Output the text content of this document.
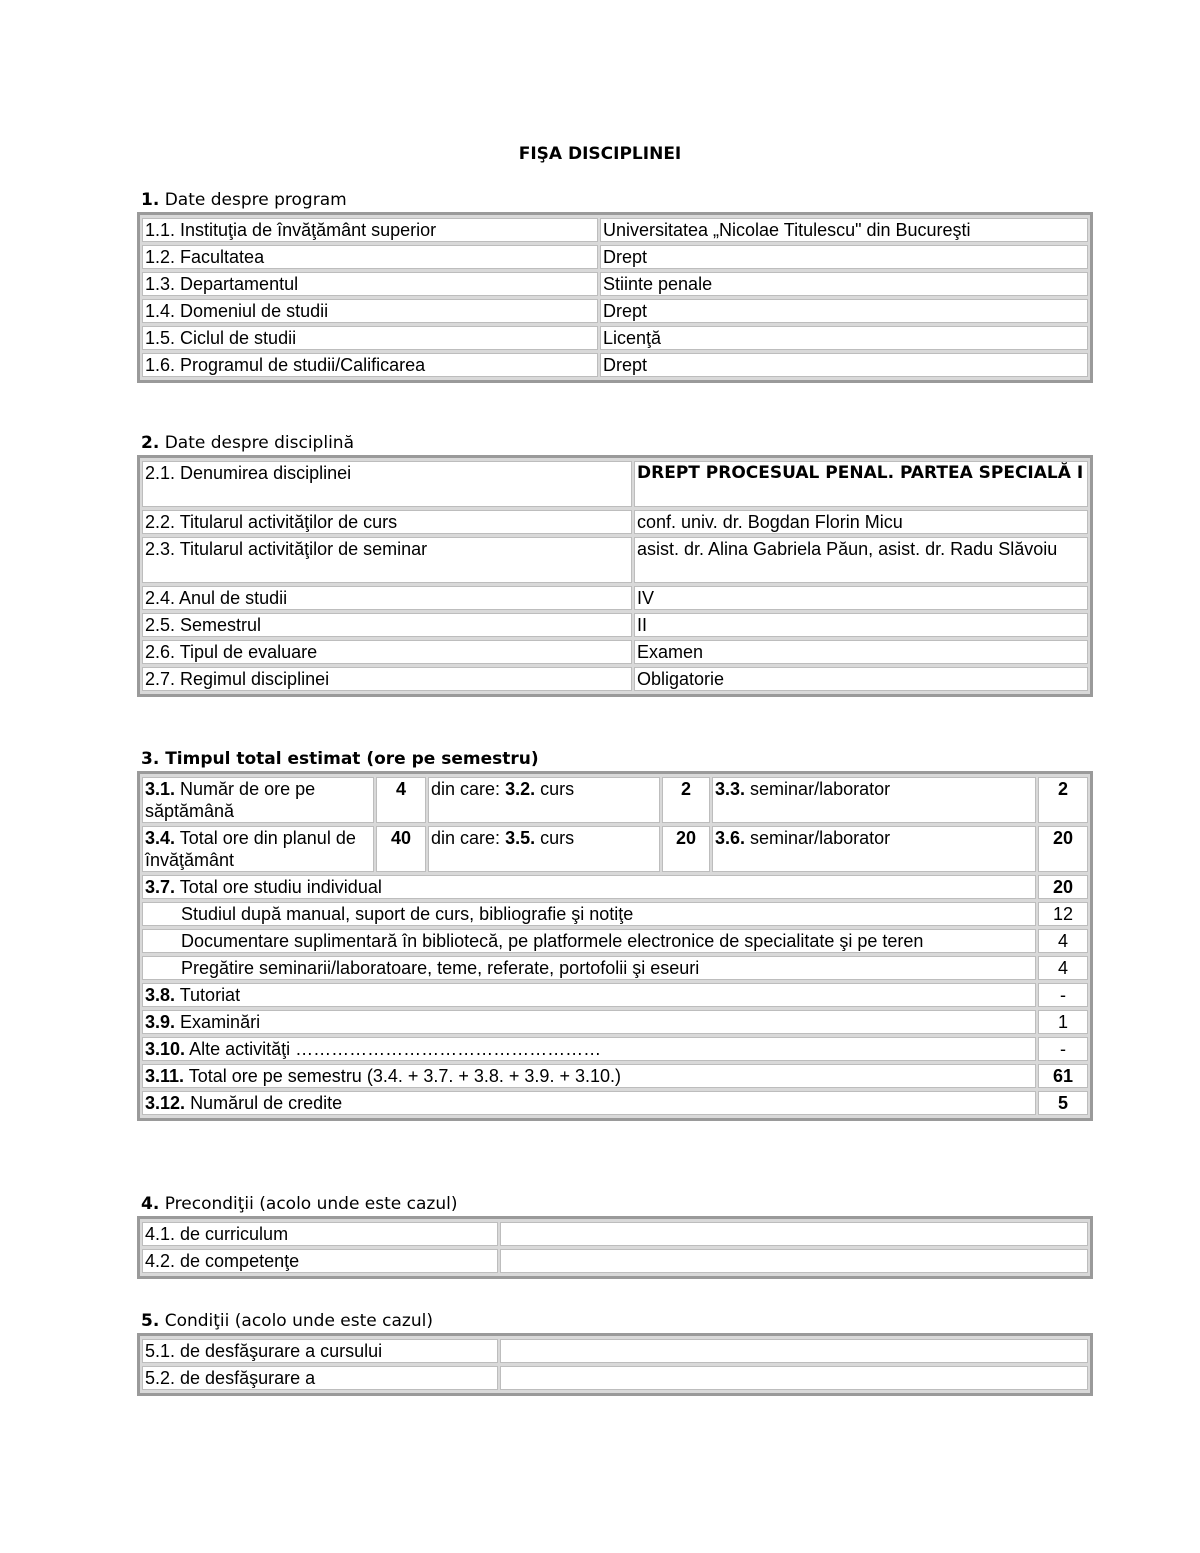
FIŞA DISCIPLINEI
1. Date despre program
1.1. Instituţia de învăţământ superior	Universitatea „Nicolae Titulescu" din Bucureşti
1.2. Facultatea	Drept
1.3. Departamentul	Stiinte penale
1.4. Domeniul de studii	Drept
1.5. Ciclul de studii	Licenţă
1.6. Programul de studii/Calificarea	Drept
2. Date despre disciplină
2.1. Denumirea disciplinei	DREPT PROCESUAL PENAL. PARTEA SPECIALĂ I
2.2. Titularul activităţilor de curs	conf. univ. dr. Bogdan Florin Micu
2.3. Titularul activităţilor de seminar	asist. dr. Alina Gabriela Păun, asist. dr. Radu Slăvoiu
2.4. Anul de studii	IV
2.5. Semestrul	II
2.6. Tipul de evaluare	Examen
2.7. Regimul disciplinei	Obligatorie
3. Timpul total estimat (ore pe semestru)
3.1. Număr de ore pe săptămână	4	din care: 3.2. curs	2	3.3. seminar/laborator	2
3.4. Total ore din planul de învăţământ	40	din care: 3.5. curs	20	3.6. seminar/laborator	20
3.7. Total ore studiu individual					20
Studiul după manual, suport de curs, bibliografie şi notiţe					12
Documentare suplimentară în bibliotecă, pe platformele electronice de specialitate şi pe teren					4
Pregătire seminarii/laboratoare, teme, referate, portofolii şi eseuri					4
3.8. Tutoriat					-
3.9. Examinări					1
3.10. Alte activităţi ……………………………………………					-
3.11. Total ore pe semestru (3.4. + 3.7. + 3.8. + 3.9. + 3.10.)					61
3.12. Numărul de credite					5
4. Precondiţii (acolo unde este cazul)
4.1. de curriculum	
4.2. de competenţe	
5. Condiţii (acolo unde este cazul)
5.1. de desfăşurare a cursului	
5.2. de desfăşurare a	
